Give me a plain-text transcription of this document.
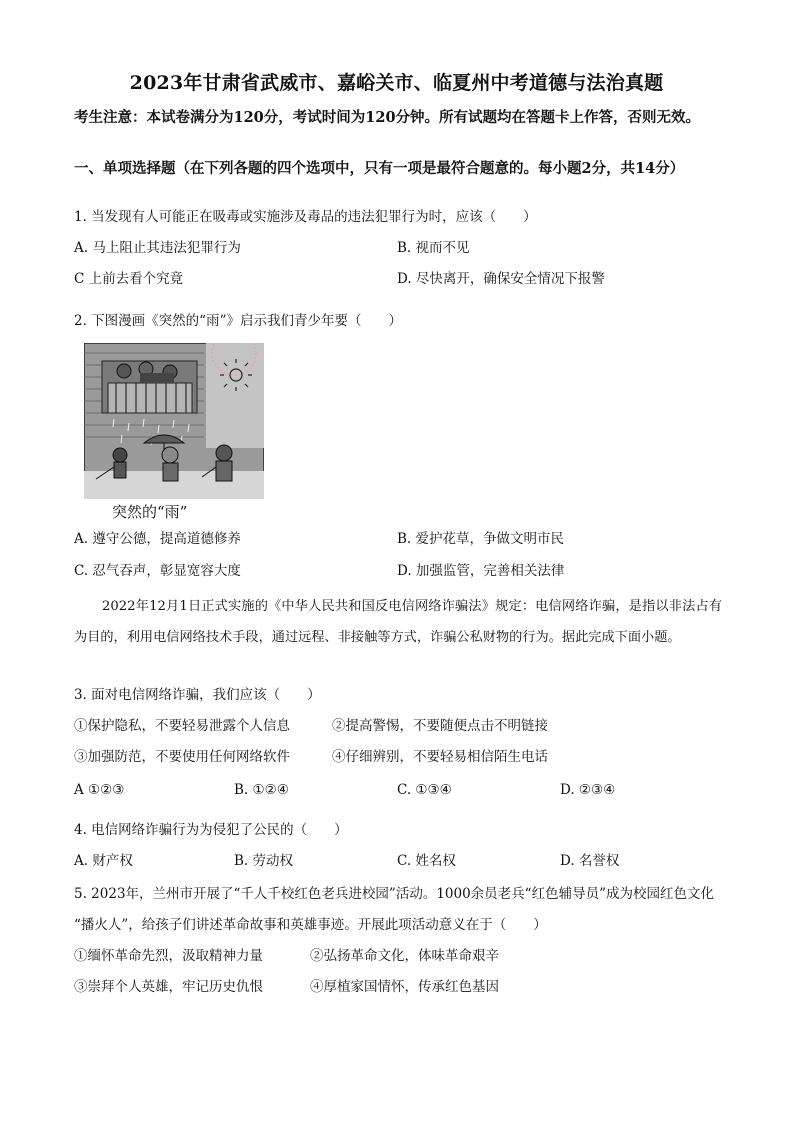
2023年甘肃省武威市、嘉峪关市、临夏州中考道德与法治真题
考生注意：本试卷满分为120分，考试时间为120分钟。所有试题均在答题卡上作答，否则无效。
一、单项选择题（在下列各题的四个选项中，只有一项是最符合题意的。每小题2分，共14分）
1. 当发现有人可能正在吸毒或实施涉及毒品的违法犯罪行为时，应该（　　）
A. 马上阻止其违法犯罪行为	B. 视而不见
C 上前去看个究竟	D. 尽快离开，确保安全情况下报警
2. 下图漫画《突然的“雨”》启示我们青少年要（　　）
突然的“雨”
A. 遵守公德，提高道德修养	B. 爱护花草，争做文明市民
C. 忍气吞声，彰显宽容大度	D. 加强监管，完善相关法律
2022年12月1日正式实施的《中华人民共和国反电信网络诈骗法》规定：电信网络诈骗，是指以非法占有为目的，利用电信网络技术手段，通过远程、非接触等方式，诈骗公私财物的行为。据此完成下面小题。
3. 面对电信网络诈骗，我们应该（　　）
①保护隐私，不要轻易泄露个人信息	②提高警惕，不要随便点击不明链接
③加强防范，不要使用任何网络软件	④仔细辨别，不要轻易相信陌生电话
A ①②③	B. ①②④	C. ①③④	D. ②③④
4. 电信网络诈骗行为为侵犯了公民的（　　）
A. 财产权	B. 劳动权	C. 姓名权	D. 名誉权
5. 2023年，兰州市开展了“千人千校红色老兵进校园”活动。1000余员老兵“红色辅导员”成为校园红色文化
“播火人”，给孩子们讲述革命故事和英雄事迹。开展此项活动意义在于（　　）
①缅怀革命先烈，汲取精神力量	②弘扬革命文化，体味革命艰辛
③崇拜个人英雄，牢记历史仇恨	④厚植家国情怀，传承红色基因
